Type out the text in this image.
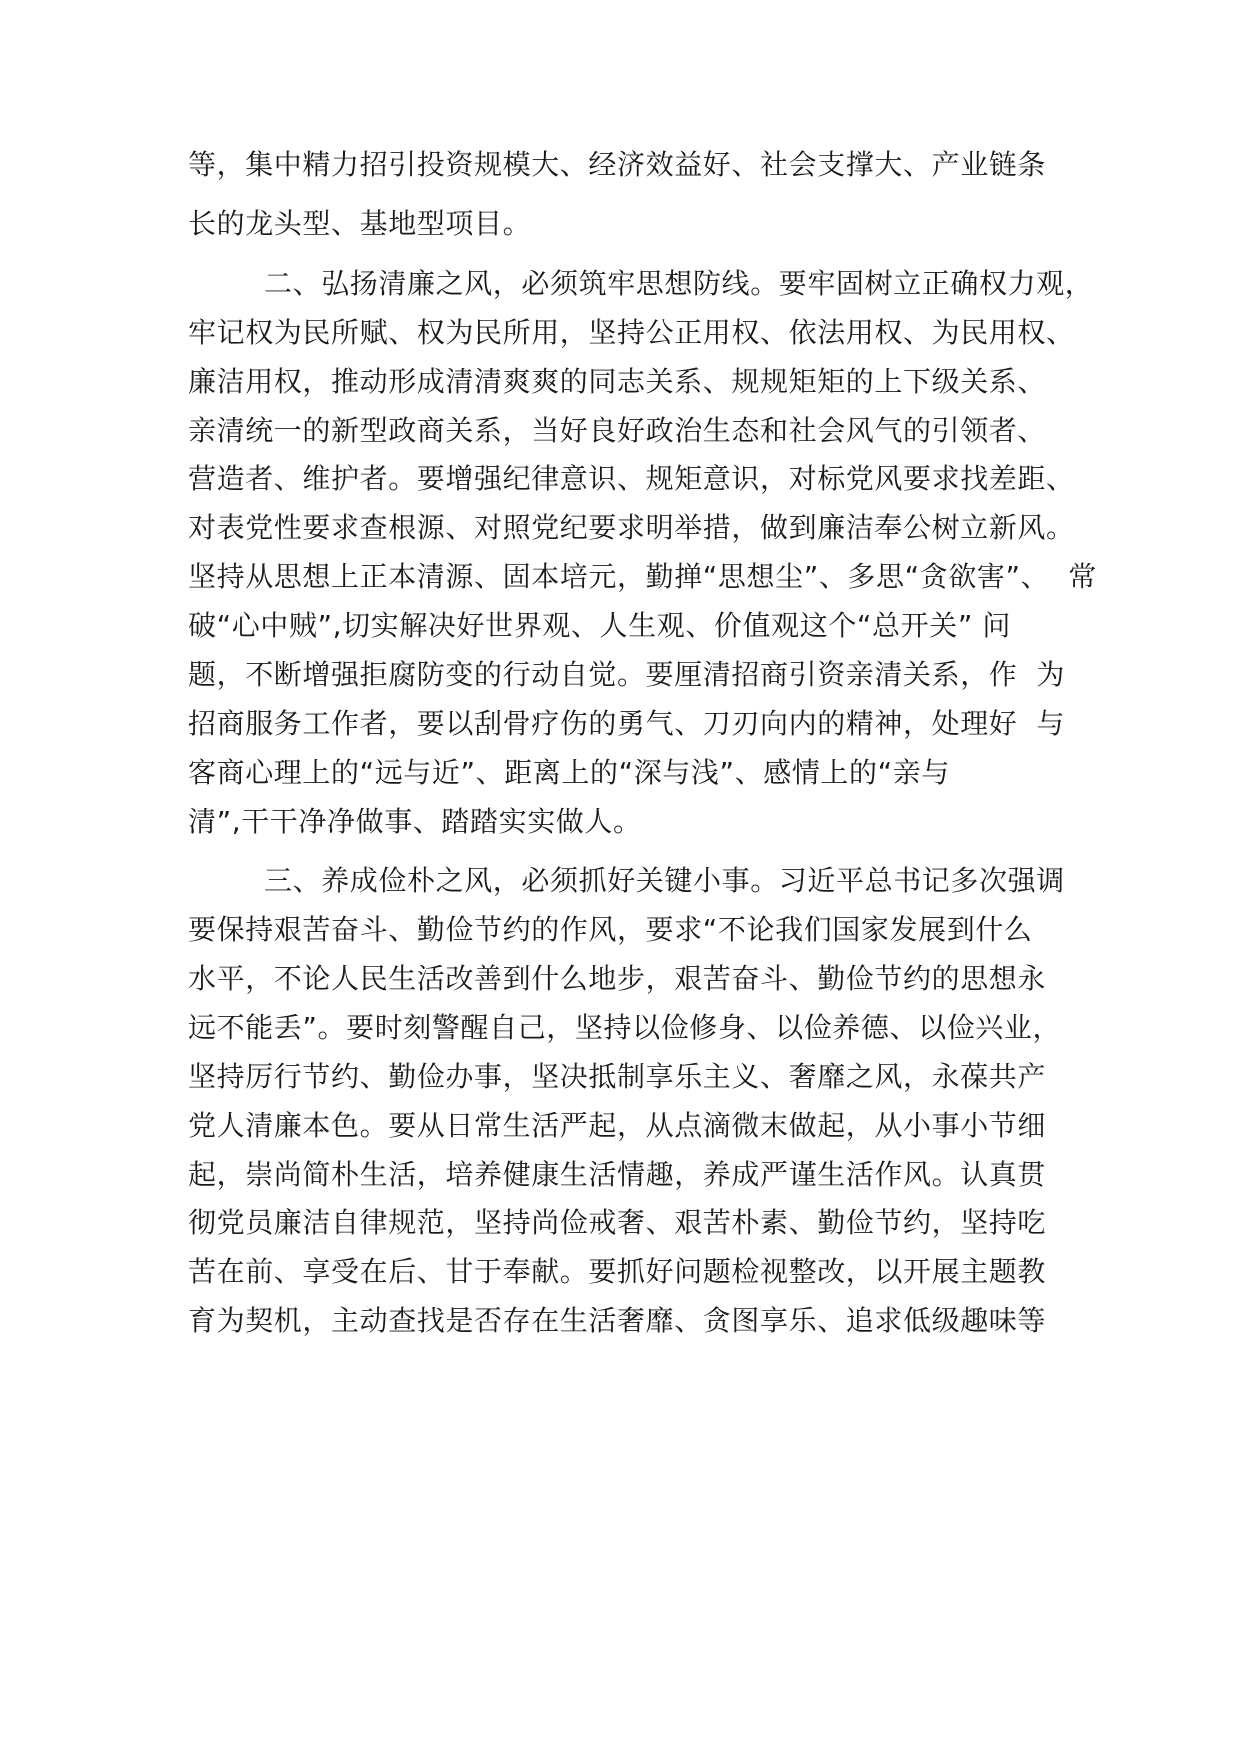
等，集中精力招引投资规模大、经济效益好、社会支撑大、产业链条
长的龙头型、基地型项目。
二、弘扬清廉之风，必须筑牢思想防线。要牢固树立正确权力观，
牢记权为民所赋、权为民所用，坚持公正用权、依法用权、为民用权、
廉洁用权，推动形成清清爽爽的同志关系、规规矩矩的上下级关系、
亲清统一的新型政商关系，当好良好政治生态和社会风气的引领者、
营造者、维护者。要增强纪律意识、规矩意识，对标党风要求找差距、
对表党性要求查根源、对照党纪要求明举措，做到廉洁奉公树立新风。
坚持从思想上正本清源、固本培元，勤掸“思想尘”、多思“贪欲害”、  常
破“心中贼”,切实解决好世界观、人生观、价值观这个“总开关” 问
题，不断增强拒腐防变的行动自觉。要厘清招商引资亲清关系，作  为
招商服务工作者，要以刮骨疗伤的勇气、刀刃向内的精神，处理好  与
客商心理上的“远与近”、距离上的“深与浅”、感情上的“亲与
清”,干干净净做事、踏踏实实做人。
三、养成俭朴之风，必须抓好关键小事。习近平总书记多次强调
要保持艰苦奋斗、勤俭节约的作风，要求“不论我们国家发展到什么
水平，不论人民生活改善到什么地步，艰苦奋斗、勤俭节约的思想永
远不能丢”。要时刻警醒自己，坚持以俭修身、以俭养德、以俭兴业，
坚持厉行节约、勤俭办事，坚决抵制享乐主义、奢靡之风，永葆共产
党人清廉本色。要从日常生活严起，从点滴微末做起，从小事小节细
起，崇尚简朴生活，培养健康生活情趣，养成严谨生活作风。认真贯
彻党员廉洁自律规范，坚持尚俭戒奢、艰苦朴素、勤俭节约，坚持吃
苦在前、享受在后、甘于奉献。要抓好问题检视整改，以开展主题教
育为契机，主动查找是否存在生活奢靡、贪图享乐、追求低级趣味等
